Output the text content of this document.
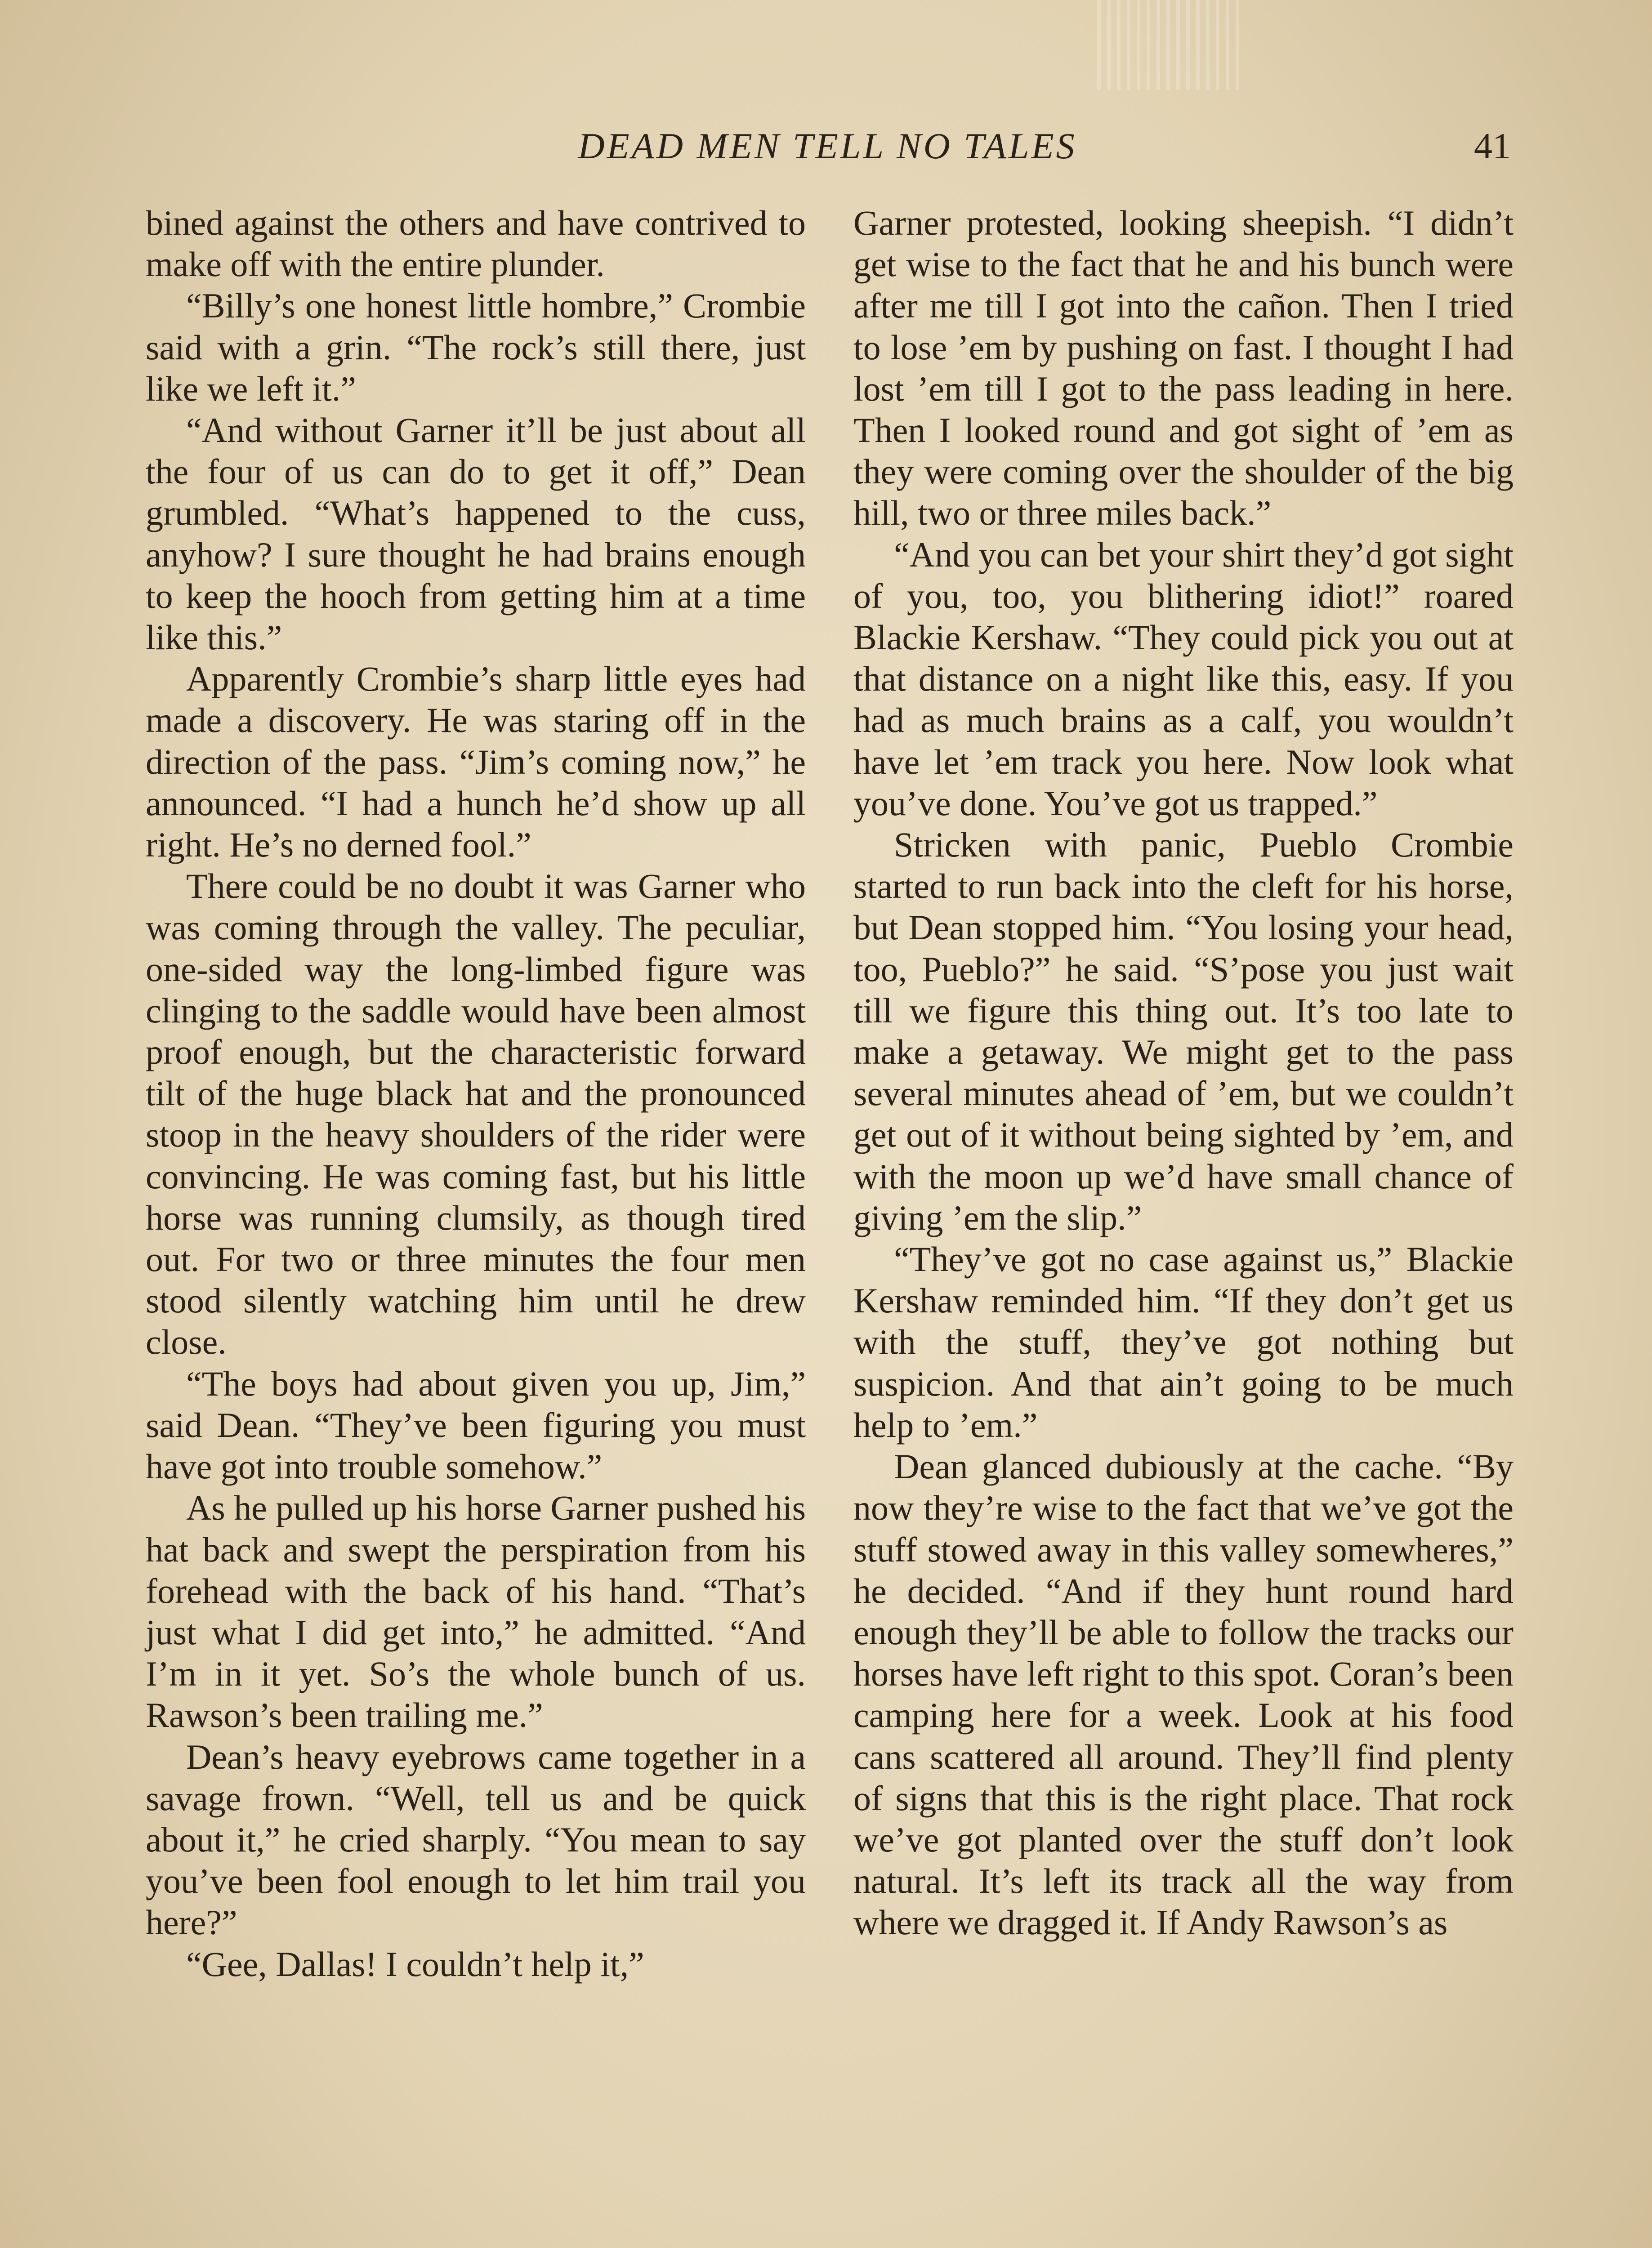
DEAD MEN TELL NO TALES	41

bined against the others and have contrived to make off with the entire plunder.

“Billy’s one honest little hombre,” Crombie said with a grin. “The rock’s still there, just like we left it.”

“And without Garner it’ll be just about all the four of us can do to get it off,” Dean grumbled. “What’s happened to the cuss, anyhow? I sure thought he had brains enough to keep the hooch from getting him at a time like this.”

Apparently Crombie’s sharp little eyes had made a discovery. He was staring off in the direction of the pass. “Jim’s coming now,” he announced. “I had a hunch he’d show up all right. He’s no derned fool.”

There could be no doubt it was Garner who was coming through the valley. The peculiar, one-sided way the long-limbed figure was clinging to the saddle would have been almost proof enough, but the characteristic forward tilt of the huge black hat and the pronounced stoop in the heavy shoulders of the rider were convincing. He was coming fast, but his little horse was running clumsily, as though tired out. For two or three minutes the four men stood silently watching him until he drew close.

“The boys had about given you up, Jim,” said Dean. “They’ve been figuring you must have got into trouble somehow.”

As he pulled up his horse Garner pushed his hat back and swept the perspiration from his forehead with the back of his hand. “That’s just what I did get into,” he admitted. “And I’m in it yet. So’s the whole bunch of us. Rawson’s been trailing me.”

Dean’s heavy eyebrows came together in a savage frown. “Well, tell us and be quick about it,” he cried sharply. “You mean to say you’ve been fool enough to let him trail you here?”

“Gee, Dallas! I couldn’t help it,”

Garner protested, looking sheepish. “I didn’t get wise to the fact that he and his bunch were after me till I got into the cañon. Then I tried to lose ’em by pushing on fast. I thought I had lost ’em till I got to the pass leading in here. Then I looked round and got sight of ’em as they were coming over the shoulder of the big hill, two or three miles back.”

“And you can bet your shirt they’d got sight of you, too, you blithering idiot!” roared Blackie Kershaw. “They could pick you out at that distance on a night like this, easy. If you had as much brains as a calf, you wouldn’t have let ’em track you here. Now look what you’ve done. You’ve got us trapped.”

Stricken with panic, Pueblo Crombie started to run back into the cleft for his horse, but Dean stopped him. “You losing your head, too, Pueblo?” he said. “S’pose you just wait till we figure this thing out. It’s too late to make a getaway. We might get to the pass several minutes ahead of ’em, but we couldn’t get out of it without being sighted by ’em, and with the moon up we’d have small chance of giving ’em the slip.”

“They’ve got no case against us,” Blackie Kershaw reminded him. “If they don’t get us with the stuff, they’ve got nothing but suspicion. And that ain’t going to be much help to ’em.”

Dean glanced dubiously at the cache. “By now they’re wise to the fact that we’ve got the stuff stowed away in this valley somewheres,” he decided. “And if they hunt round hard enough they’ll be able to follow the tracks our horses have left right to this spot. Coran’s been camping here for a week. Look at his food cans scattered all around. They’ll find plenty of signs that this is the right place. That rock we’ve got planted over the stuff don’t look natural. It’s left its track all the way from where we dragged it. If Andy Rawson’s as
